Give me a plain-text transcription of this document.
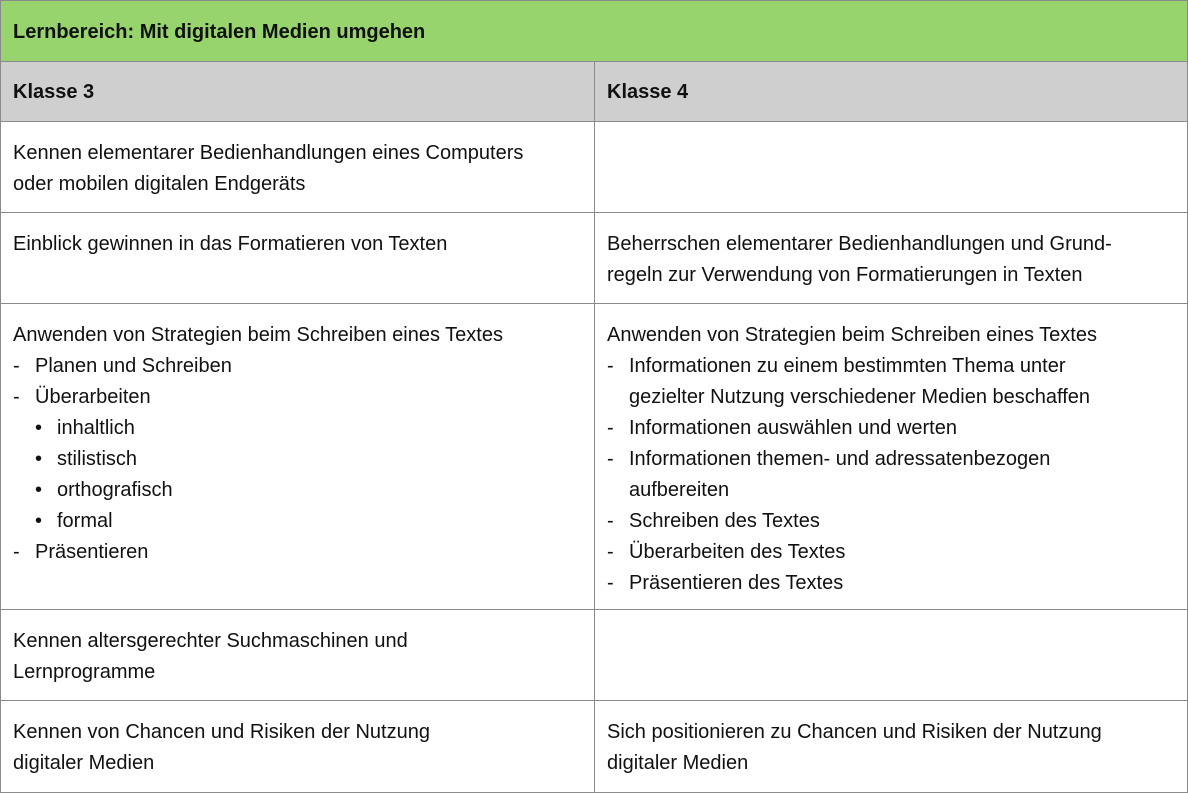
Lernbereich: Mit digitalen Medien umgehen
Klasse 3	Klasse 4
Kennen elementarer Bedienhandlungen eines Computers
oder mobilen digitalen Endgeräts
Einblick gewinnen in das Formatieren von Texten	Beherrschen elementarer Bedienhandlungen und Grund-
regeln zur Verwendung von Formatierungen in Texten
Anwenden von Strategien beim Schreiben eines Textes
- Planen und Schreiben
- Überarbeiten
• inhaltlich
• stilistisch
• orthografisch
• formal
- Präsentieren
Anwenden von Strategien beim Schreiben eines Textes
- Informationen zu einem bestimmten Thema unter
gezielter Nutzung verschiedener Medien beschaffen
- Informationen auswählen und werten
- Informationen themen- und adressatenbezogen
aufbereiten
- Schreiben des Textes
- Überarbeiten des Textes
- Präsentieren des Textes
Kennen altersgerechter Suchmaschinen und
Lernprogramme
Kennen von Chancen und Risiken der Nutzung
digitaler Medien
Sich positionieren zu Chancen und Risiken der Nutzung
digitaler Medien
